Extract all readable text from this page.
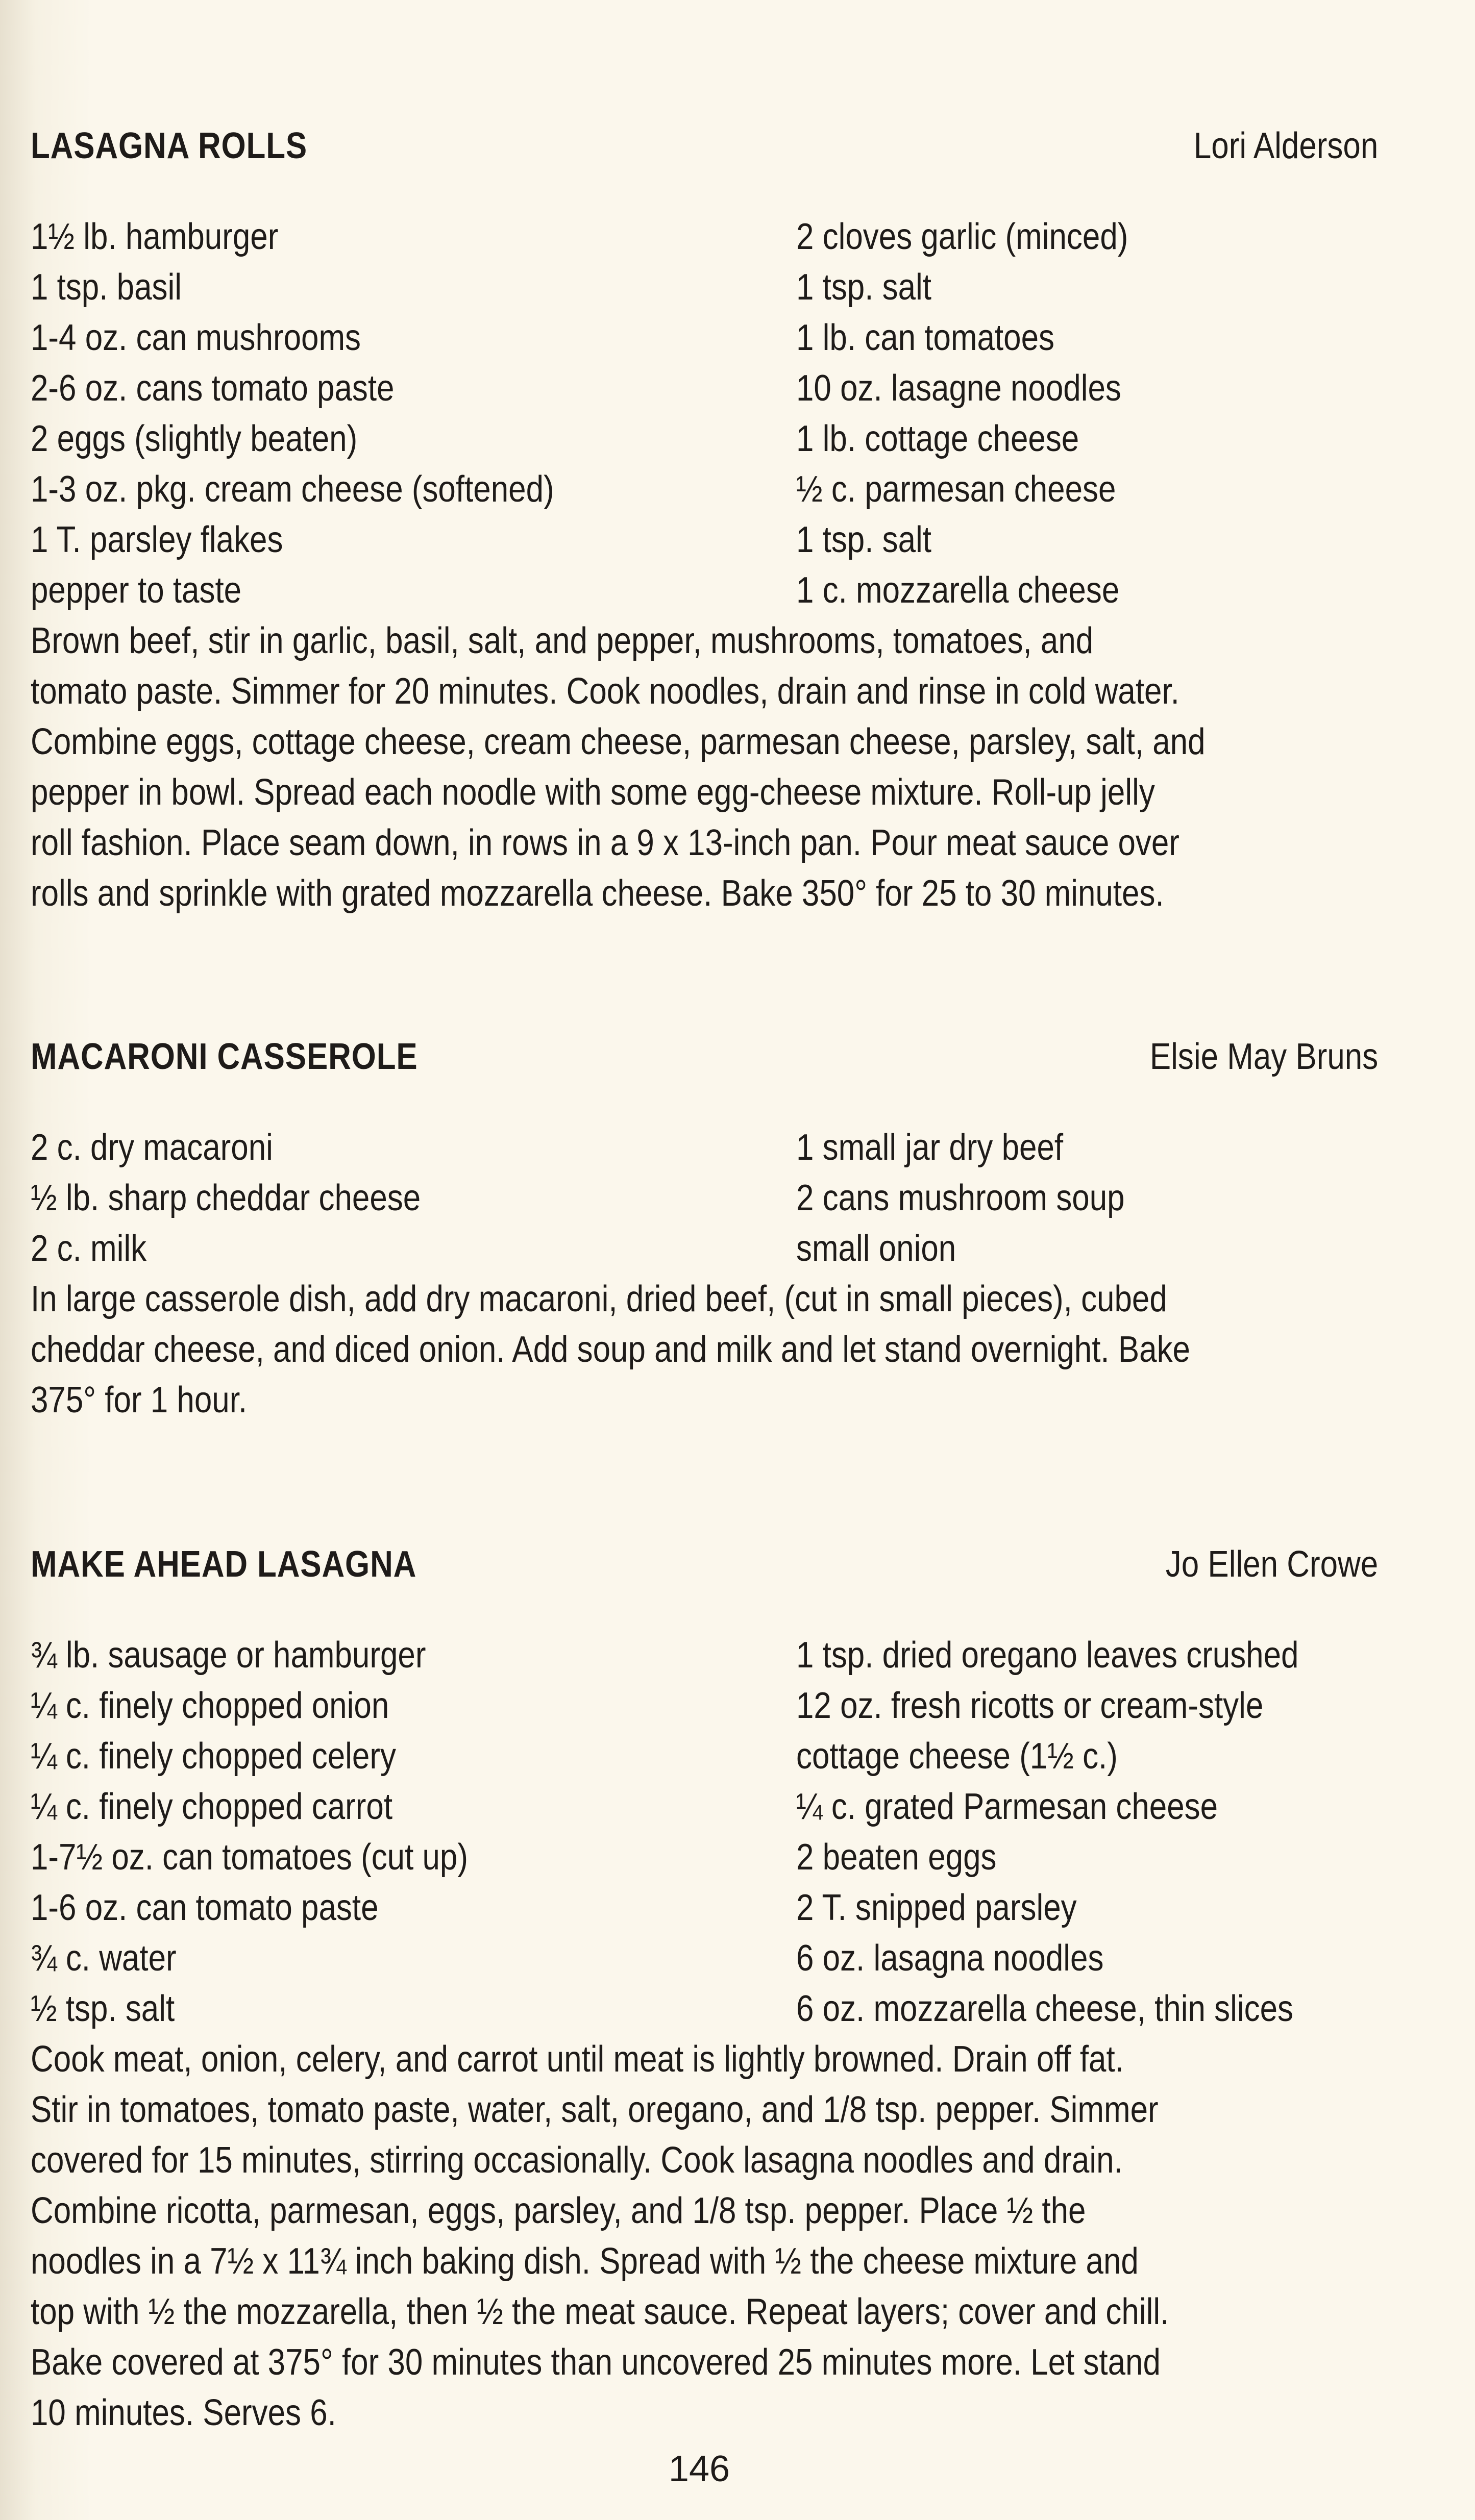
LASAGNA ROLLS	Lori Alderson
1½ lb. hamburger	2 cloves garlic (minced)
1 tsp. basil	1 tsp. salt
1-4 oz. can mushrooms	1 lb. can tomatoes
2-6 oz. cans tomato paste	10 oz. lasagne noodles
2 eggs (slightly beaten)	1 lb. cottage cheese
1-3 oz. pkg. cream cheese (softened)	½ c. parmesan cheese
1 T. parsley flakes	1 tsp. salt
pepper to taste	1 c. mozzarella cheese
Brown beef, stir in garlic, basil, salt, and pepper, mushrooms, tomatoes, and
tomato paste. Simmer for 20 minutes. Cook noodles, drain and rinse in cold water.
Combine eggs, cottage cheese, cream cheese, parmesan cheese, parsley, salt, and
pepper in bowl. Spread each noodle with some egg-cheese mixture. Roll-up jelly
roll fashion. Place seam down, in rows in a 9 x 13-inch pan. Pour meat sauce over
rolls and sprinkle with grated mozzarella cheese. Bake 350° for 25 to 30 minutes.
MACARONI CASSEROLE	Elsie May Bruns
2 c. dry macaroni	1 small jar dry beef
½ lb. sharp cheddar cheese	2 cans mushroom soup
2 c. milk	small onion
In large casserole dish, add dry macaroni, dried beef, (cut in small pieces), cubed
cheddar cheese, and diced onion. Add soup and milk and let stand overnight. Bake
375° for 1 hour.
MAKE AHEAD LASAGNA	Jo Ellen Crowe
¾ lb. sausage or hamburger	1 tsp. dried oregano leaves crushed
¼ c. finely chopped onion	12 oz. fresh ricotts or cream-style
¼ c. finely chopped celery	cottage cheese (1½ c.)
¼ c. finely chopped carrot	¼ c. grated Parmesan cheese
1-7½ oz. can tomatoes (cut up)	2 beaten eggs
1-6 oz. can tomato paste	2 T. snipped parsley
¾ c. water	6 oz. lasagna noodles
½ tsp. salt	6 oz. mozzarella cheese, thin slices
Cook meat, onion, celery, and carrot until meat is lightly browned. Drain off fat.
Stir in tomatoes, tomato paste, water, salt, oregano, and 1/8 tsp. pepper. Simmer
covered for 15 minutes, stirring occasionally. Cook lasagna noodles and drain.
Combine ricotta, parmesan, eggs, parsley, and 1/8 tsp. pepper. Place ½ the
noodles in a 7½ x 11¾ inch baking dish. Spread with ½ the cheese mixture and
top with ½ the mozzarella, then ½ the meat sauce. Repeat layers; cover and chill.
Bake covered at 375° for 30 minutes than uncovered 25 minutes more. Let stand
10 minutes. Serves 6.
146
